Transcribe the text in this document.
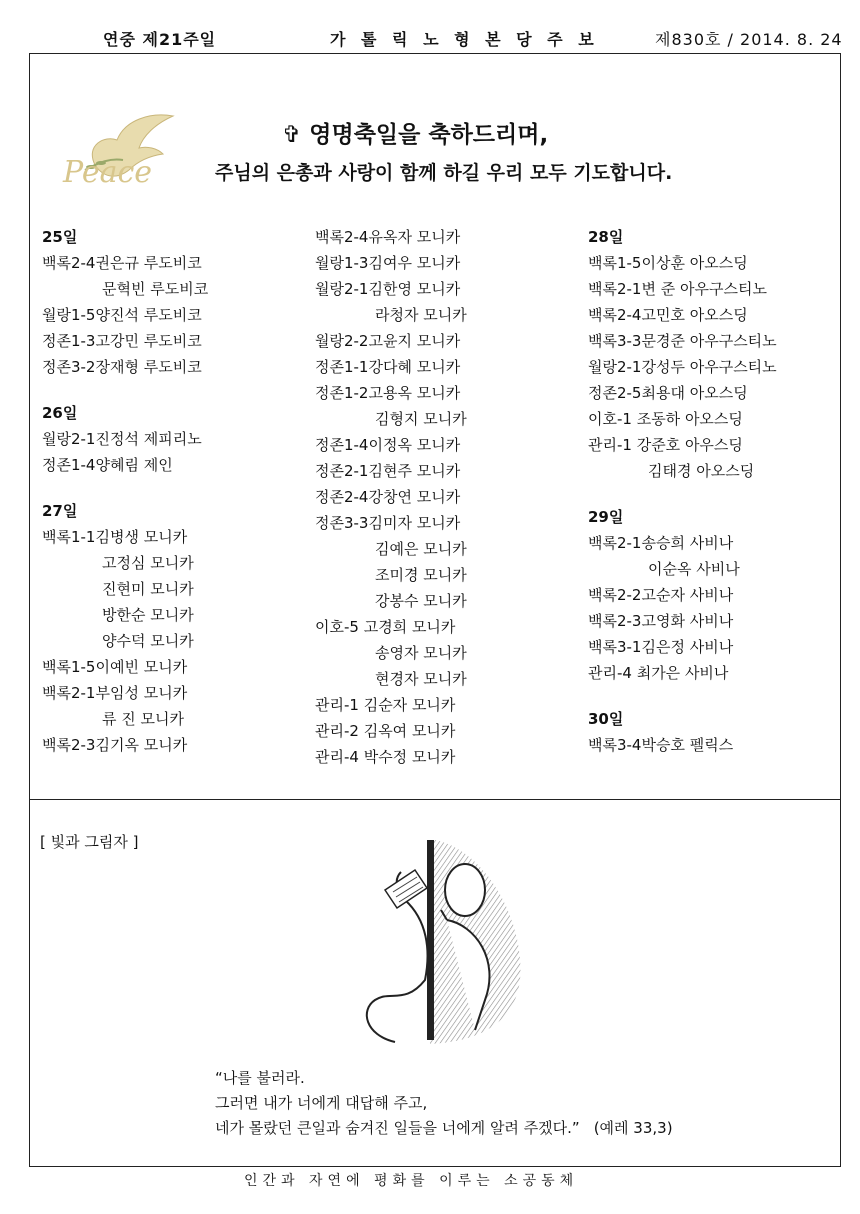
연중 제21주일	가 톨 릭 노 형 본 당 주 보	제830호 / 2014. 8. 24
Peace
✞ 영명축일을 축하드리며,
주님의 은총과 사랑이 함께 하길 우리 모두 기도합니다.
25일
백록2-4권은규 루도비코
문혁빈 루도비코
월랑1-5양진석 루도비코
정존1-3고강민 루도비코
정존3-2장재형 루도비코
26일
월랑2-1진정석 제피리노
정존1-4양혜림 제인
27일
백록1-1김병생 모니카
고정심 모니카
진현미 모니카
방한순 모니카
양수덕 모니카
백록1-5이예빈 모니카
백록2-1부임성 모니카
류 진 모니카
백록2-3김기옥 모니카
백록2-4유옥자 모니카
월랑1-3김여우 모니카
월랑2-1김한영 모니카
라청자 모니카
월랑2-2고윤지 모니카
정존1-1강다혜 모니카
정존1-2고용옥 모니카
김형지 모니카
정존1-4이정옥 모니카
정존2-1김현주 모니카
정존2-4강창연 모니카
정존3-3김미자 모니카
김예은 모니카
조미경 모니카
강봉수 모니카
이호-5 고경희 모니카
송영자 모니카
현경자 모니카
관리-1 김순자 모니카
관리-2 김옥여 모니카
관리-4 박수정 모니카
28일
백록1-5이상훈 아오스딩
백록2-1변 준 아우구스티노
백록2-4고민호 아오스딩
백록3-3문경준 아우구스티노
월랑2-1강성두 아우구스티노
정존2-5최용대 아오스딩
이호-1 조동하 아오스딩
관리-1 강준호 아우스딩
김태경 아오스딩
29일
백록2-1송승희 사비나
이순옥 사비나
백록2-2고순자 사비나
백록2-3고영화 사비나
백록3-1김은정 사비나
관리-4 최가은 사비나
30일
백록3-4박승호 펠릭스
[ 빛과 그림자 ]
“나를 불러라.
그러면 내가 너에게 대답해 주고,
네가 몰랐던 큰일과 숨겨진 일들을 너에게 알려 주겠다.” (예레 33,3)
인간과 자연에 평화를 이루는 소공동체
